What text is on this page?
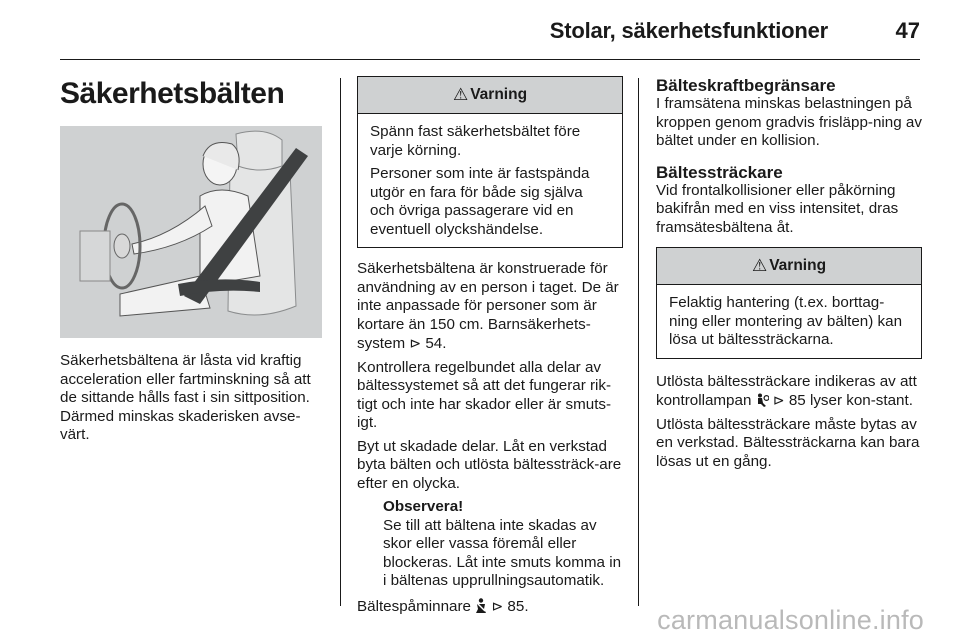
Stolar, säkerhetsfunktioner	47
Säkerhetsbälten

Säkerhetsbältena är låsta vid kraftig acceleration eller fartminskning så att de sittande hålls fast i sin sittposition. Därmed minskas skaderisken avse-värt.

⚠ Varning

Spänn fast säkerhetsbältet före varje körning.

Personer som inte är fastspända utgör en fara för både sig själva och övriga passagerare vid en eventuell olyckshändelse.

Säkerhetsbältena är konstruerade för användning av en person i taget. De är inte anpassade för personer som är kortare än 150 cm. Barnsäkerhets-system ⊳ 54.

Kontrollera regelbundet alla delar av bältessystemet så att det fungerar rik-tigt och inte har skador eller är smuts-igt.

Byt ut skadade delar. Låt en verkstad byta bälten och utlösta bältessträck-are efter en olycka.

Observera!
Se till att bältena inte skadas av skor eller vassa föremål eller blockeras. Låt inte smuts komma in i bältenas upprullningsautomatik.

Bältespåminnare ⊳ 85.

Bälteskraftbegränsare

I framsätena minskas belastningen på kroppen genom gradvis frisläpp-ning av bältet under en kollision.

Bältessträckare

Vid frontalkollisioner eller påkörning bakifrån med en viss intensitet, dras framsätesbältena åt.

⚠ Varning

Felaktig hantering (t.ex. borttag-ning eller montering av bälten) kan lösa ut bältessträckarna.

Utlösta bältessträckare indikeras av att kontrollampan ⊳ 85 lyser kon-stant.

Utlösta bältessträckare måste bytas av en verkstad. Bältessträckarna kan bara lösas ut en gång.

carmanualsonline.info
